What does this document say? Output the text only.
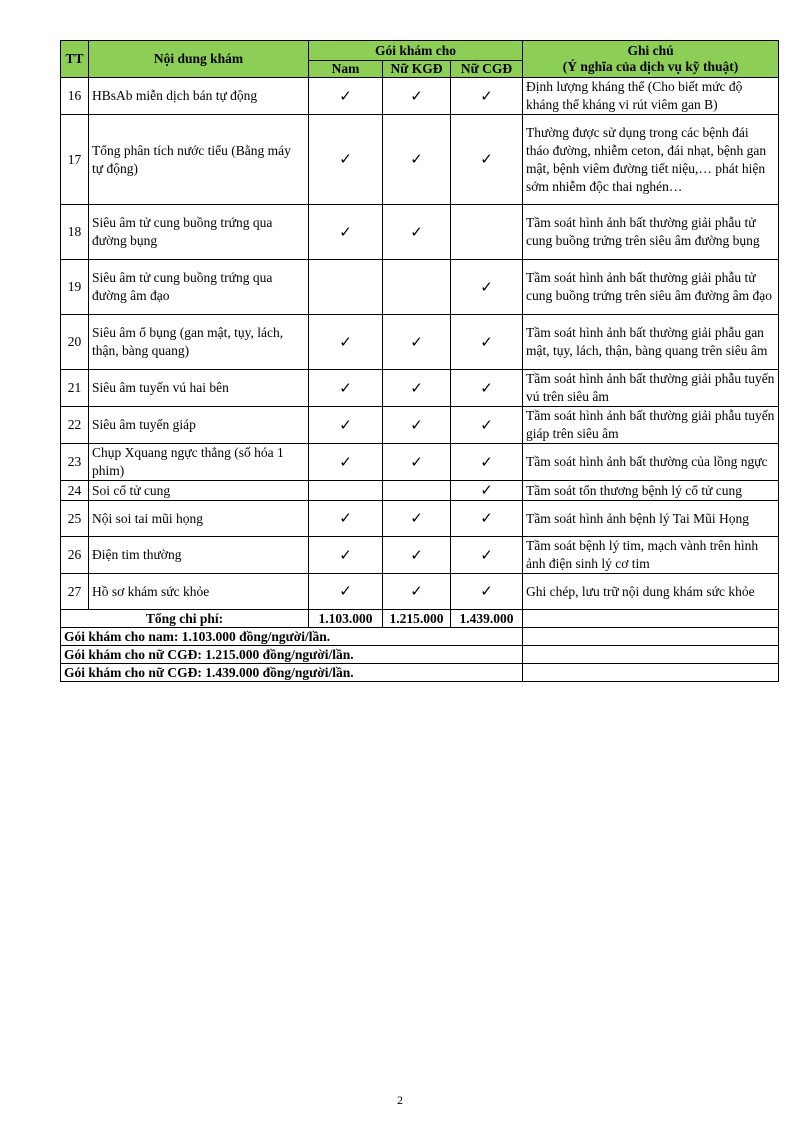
TT	Nội dung khám	Gói khám cho			Ghi chú
(Ý nghĩa của dịch vụ kỹ thuật)

		Nam	Nữ KGĐ	Nữ CGĐ	
16	HBsAb miễn dịch bán tự động	✓	✓	✓	Định lượng kháng thể (Cho biết mức độ kháng thể kháng vi rút viêm gan B)
17	Tổng phân tích nước tiểu (Bằng máy tự động)	✓	✓	✓	Thường được sử dụng trong các bệnh đái tháo đường, nhiễm ceton, đái nhạt, bệnh gan mật, bệnh viêm đường tiết niệu,… phát hiện sớm nhiễm độc thai nghén…
18	Siêu âm tử cung buồng trứng qua đường bụng	✓	✓		Tầm soát hình ảnh bất thường giải phẫu tử cung buồng trứng trên siêu âm đường bụng
19	Siêu âm tử cung buồng trứng qua đường âm đạo			✓	Tầm soát hình ảnh bất thường giải phẫu tử cung buồng trứng trên siêu âm đường âm đạo
20	Siêu âm ổ bụng (gan mật, tụy, lách, thận, bàng quang)	✓	✓	✓	Tầm soát hình ảnh bất thường giải phẫu gan mật, tụy, lách, thận, bàng quang trên siêu âm
21	Siêu âm tuyến vú hai bên	✓	✓	✓	Tầm soát hình ảnh bất thường giải phẫu tuyến vú trên siêu âm
22	Siêu âm tuyến giáp	✓	✓	✓	Tầm soát hình ảnh bất thường giải phẫu tuyến giáp trên siêu âm
23	Chụp Xquang ngực thẳng (số hóa 1 phim)	✓	✓	✓	Tầm soát hình ảnh bất thường của lồng ngực
24	Soi cổ tử cung			✓	Tầm soát tổn thương bệnh lý cổ tử cung
25	Nội soi tai mũi họng	✓	✓	✓	Tầm soát hình ảnh bệnh lý Tai Mũi Họng
26	Điện tim thường	✓	✓	✓	Tầm soát bệnh lý tim, mạch vành trên hình ảnh điện sinh lý cơ tim
27	Hồ sơ khám sức khỏe	✓	✓	✓	Ghi chép, lưu trữ nội dung khám sức khỏe
Tổng chi phí:		1.103.000	1.215.000	1.439.000	
Gói khám cho nam: 1.103.000 đồng/người/lần.					
Gói khám cho nữ CGĐ: 1.215.000 đồng/người/lần.					
Gói khám cho nữ CGĐ: 1.439.000 đồng/người/lần.					
2
